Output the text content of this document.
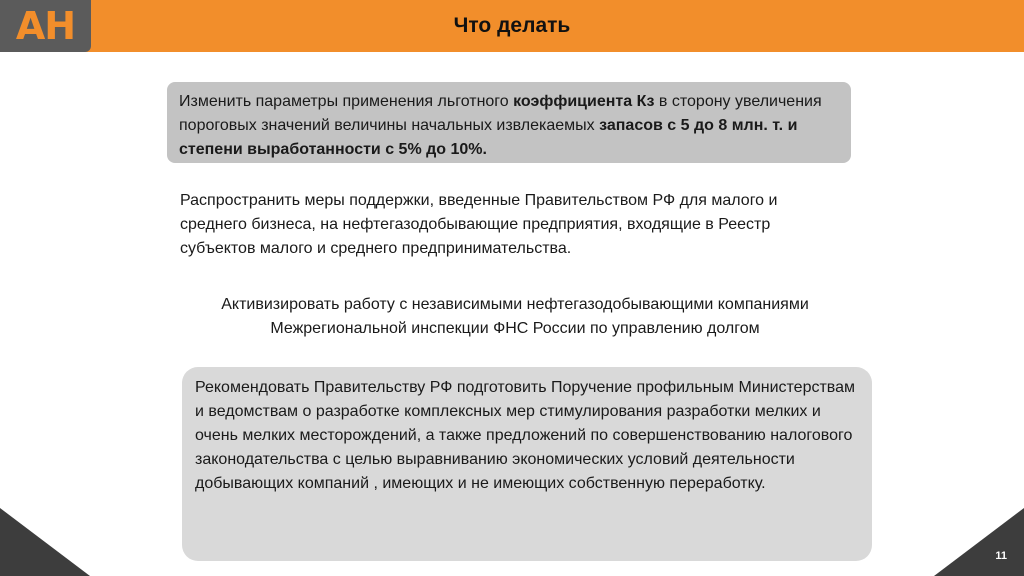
AH	Что делать
Изменить параметры применения льготного коэффициента Кз в сторону увеличения пороговых значений величины начальных извлекаемых запасов с 5 до 8 млн. т. и степени выработанности с 5% до 10%.
Распространить меры поддержки, введенные Правительством РФ для малого и среднего бизнеса, на нефтегазодобывающие предприятия, входящие в Реестр субъектов малого и среднего предпринимательства.
Активизировать работу с независимыми нефтегазодобывающими компаниями Межрегиональной инспекции ФНС России по управлению долгом
Рекомендовать Правительству РФ подготовить Поручение профильным Министерствам и ведомствам о разработке комплексных мер стимулирования разработки мелких и очень мелких месторождений, а также предложений по совершенствованию налогового законодательства с целью выравниванию экономических условий деятельности добывающих компаний , имеющих и не имеющих собственную переработку.
11
